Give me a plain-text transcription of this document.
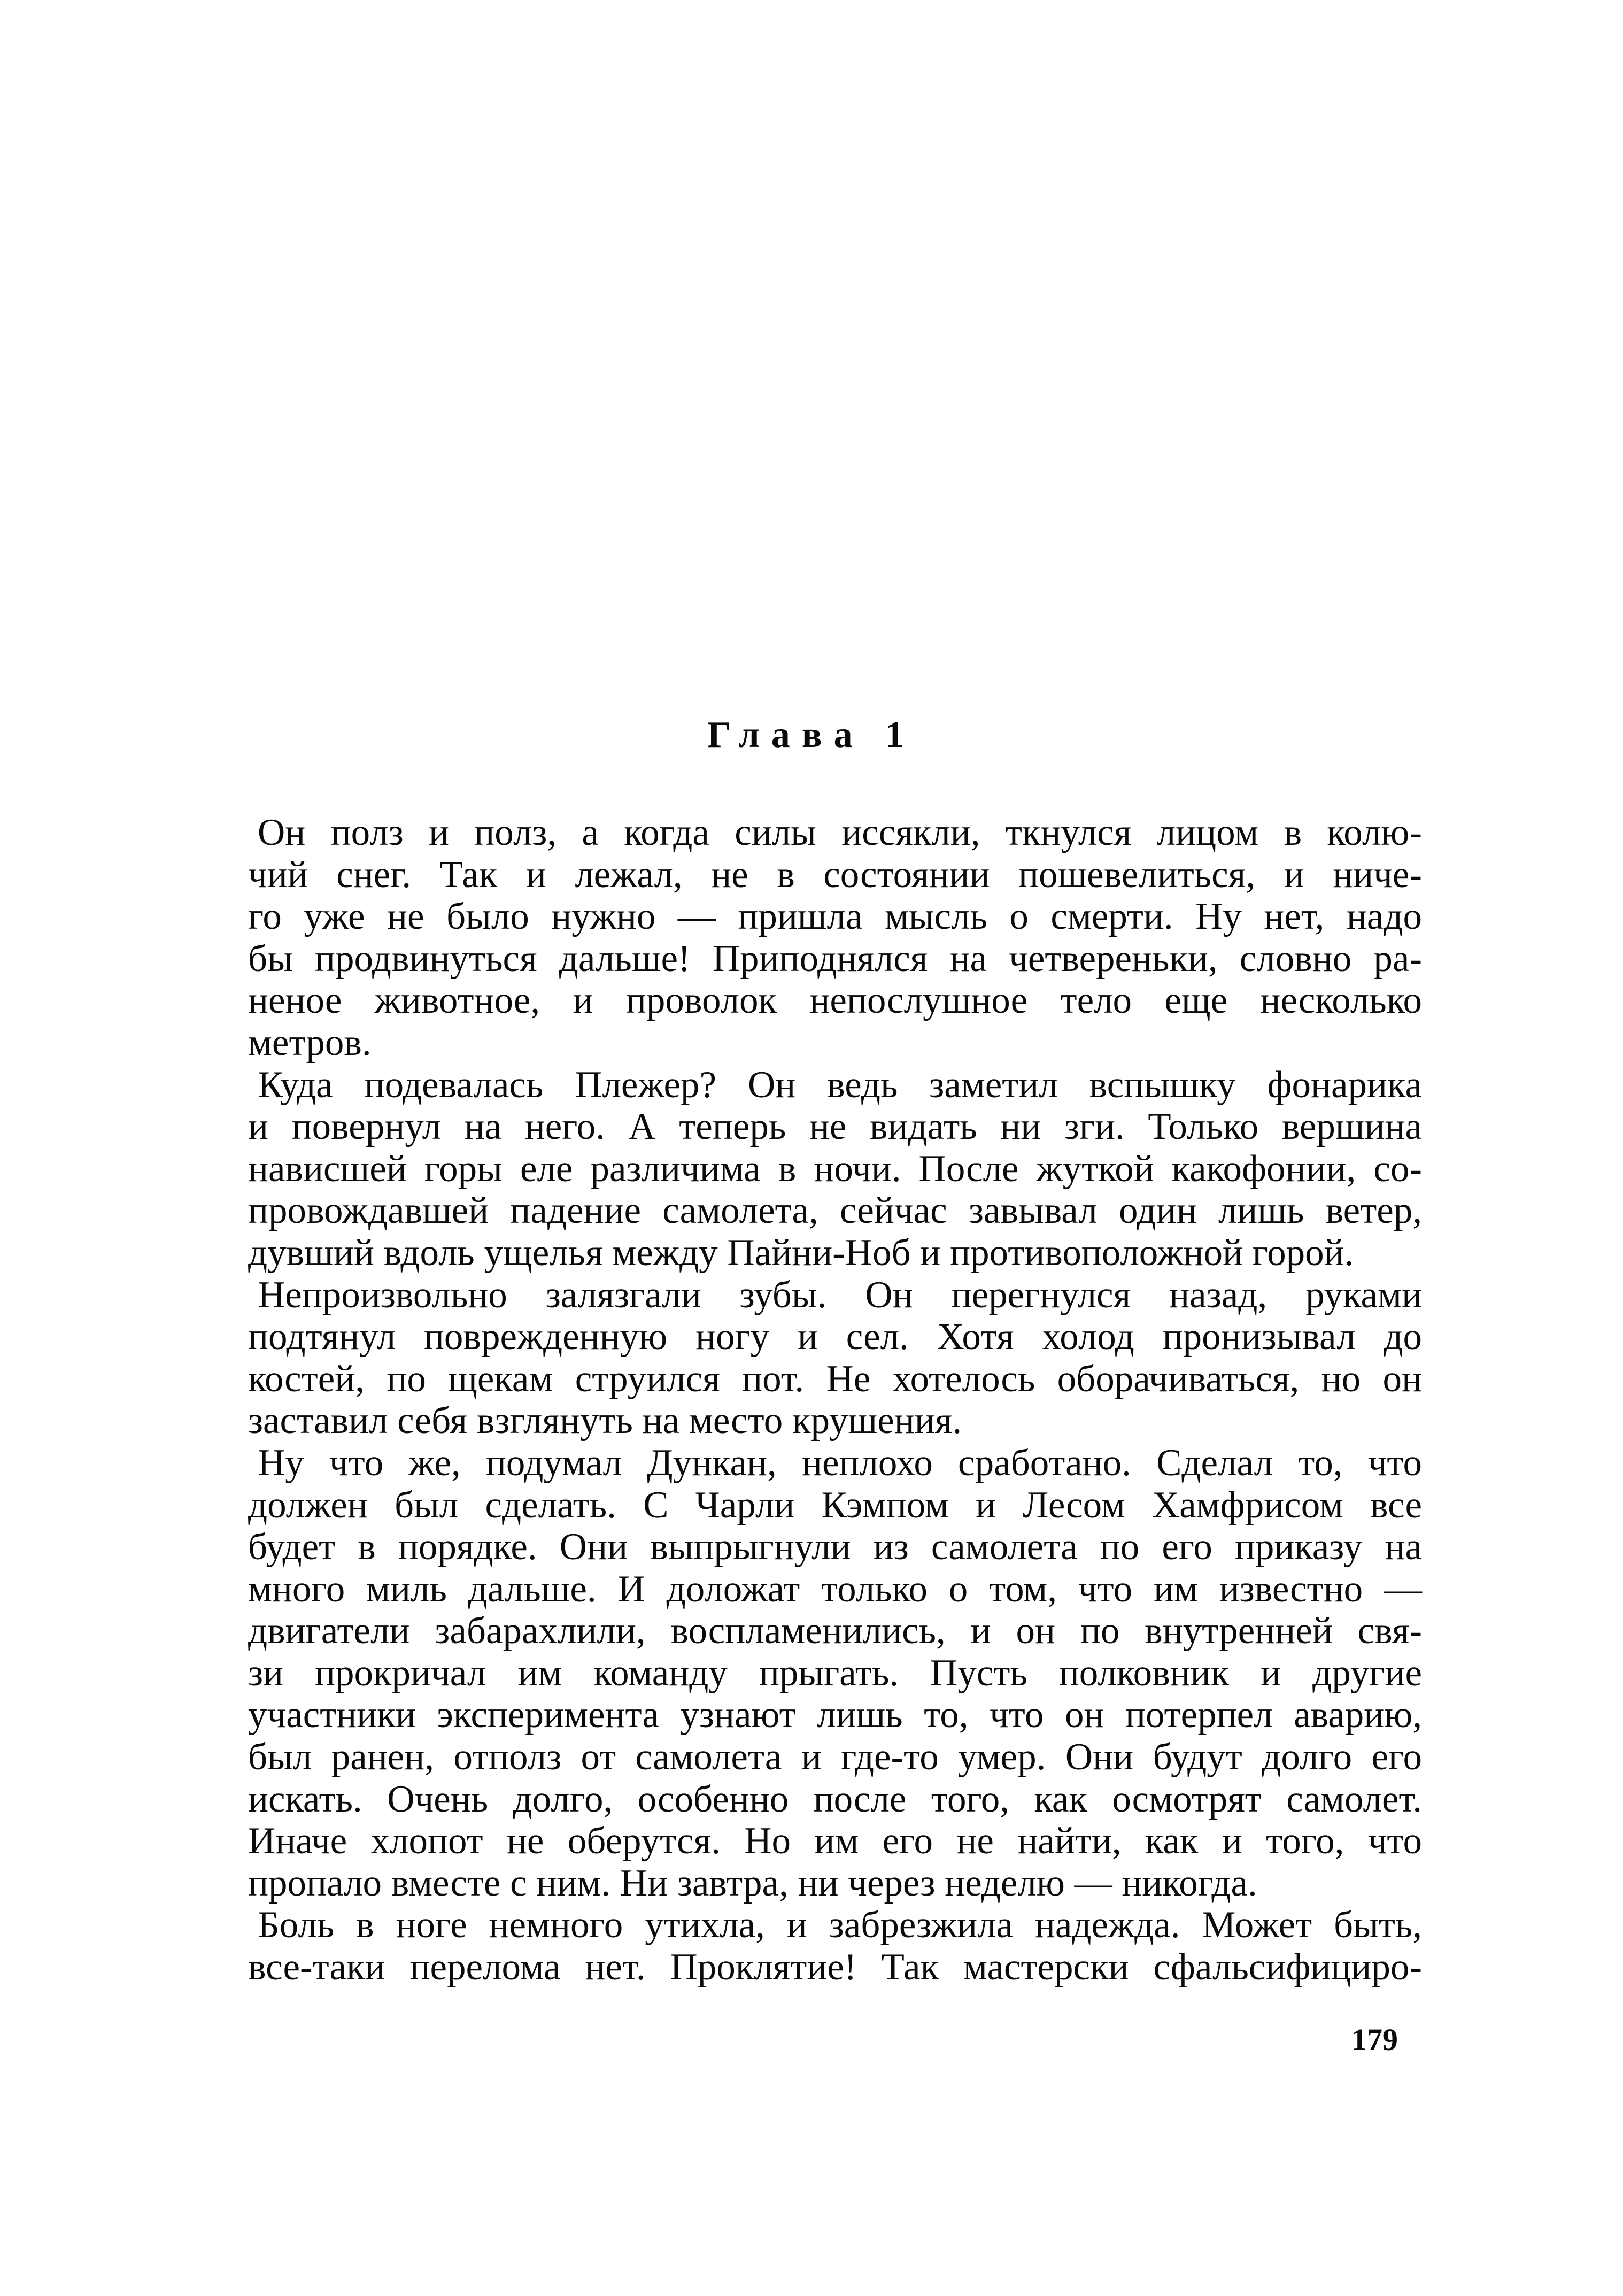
Глава 1

Он полз и полз, а когда силы иссякли, ткнулся лицом в колю-
чий снег. Так и лежал, не в состоянии пошевелиться, и ниче-
го уже не было нужно — пришла мысль о смерти. Ну нет, надо
бы продвинуться дальше! Приподнялся на четвереньки, словно ра-
неное животное, и проволок непослушное тело еще несколько
метров.

Куда подевалась Плежер? Он ведь заметил вспышку фонарика
и повернул на него. А теперь не видать ни зги. Только вершина
нависшей горы еле различима в ночи. После жуткой какофонии, со-
провождавшей падение самолета, сейчас завывал один лишь ветер,
дувший вдоль ущелья между Пайни-Ноб и противоположной горой.

Непроизвольно залязгали зубы. Он перегнулся назад, руками
подтянул поврежденную ногу и сел. Хотя холод пронизывал до
костей, по щекам струился пот. Не хотелось оборачиваться, но он
заставил себя взглянуть на место крушения.

Ну что же, подумал Дункан, неплохо сработано. Сделал то, что
должен был сделать. С Чарли Кэмпом и Лесом Хамфрисом все
будет в порядке. Они выпрыгнули из самолета по его приказу на
много миль дальше. И доложат только о том, что им известно —
двигатели забарахлили, воспламенились, и он по внутренней свя-
зи прокричал им команду прыгать. Пусть полковник и другие
участники эксперимента узнают лишь то, что он потерпел аварию,
был ранен, отполз от самолета и где-то умер. Они будут долго его
искать. Очень долго, особенно после того, как осмотрят самолет.
Иначе хлопот не оберутся. Но им его не найти, как и того, что
пропало вместе с ним. Ни завтра, ни через неделю — никогда.

Боль в ноге немного утихла, и забрезжила надежда. Может быть,
все-таки перелома нет. Проклятие! Так мастерски сфальсифициро-

179
